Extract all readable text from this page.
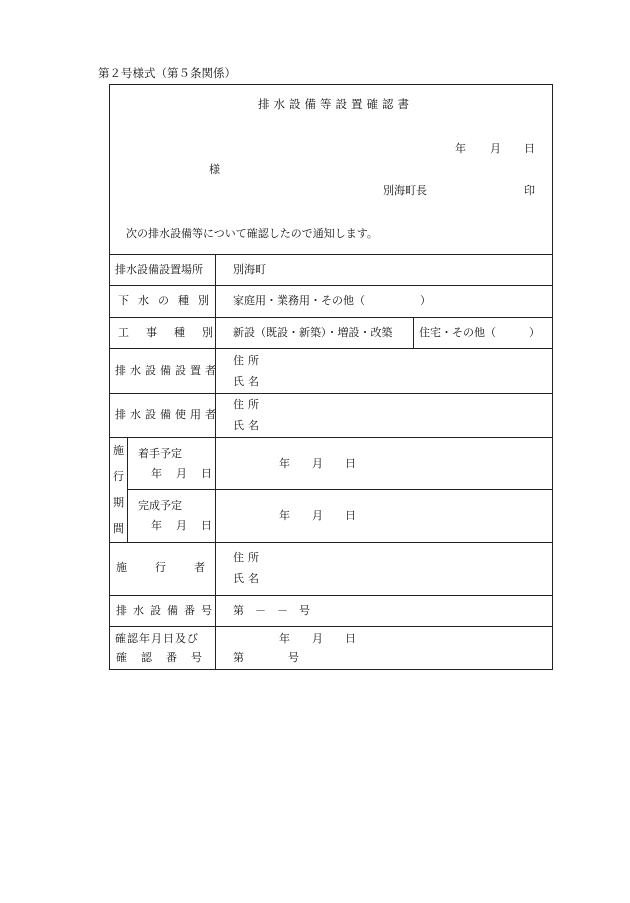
第２号様式（第５条関係）
排水設備等設置確認書
年 月 日
様
別海町長	印
次の排水設備等について確認したので通知します。
排水設備設置場所	別海町
下水の種別 家庭用・業務用・その他（　　　　　）
工事種別 新設（既設・新築）・増設・改築 住宅・その他（　　　）
排水設備設置者
住所
氏名
排水設備使用者
住所
氏名
施
行
期
間
着手予定
年月日
年　　月　　日
完成予定
年月日
年　　月　　日
施行者
住所
氏名
排水設備番号 第　－　－　号
確認年月日及び
確認番号
年　　月　　日
第　　　　号
